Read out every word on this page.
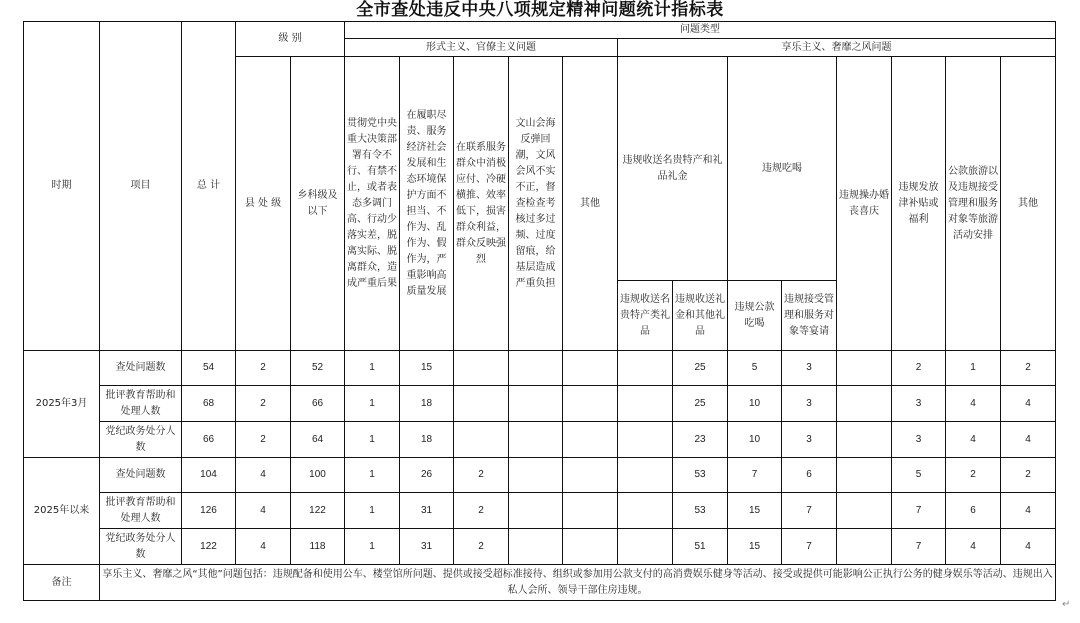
全市查处违反中央八项规定精神问题统计指标表
时期	项目	总 计	级 别		问题类型												
					形式主义、官僚主义问题					享乐主义、奢靡之风问题							
			县 处 级	乡科级及以下	贯彻党中央重大决策部署有令不行、有禁不止，或者表态多调门高、行动少落实差，脱离实际、脱离群众，造成严重后果	在履职尽责、服务经济社会发展和生态环境保护方面不担当、不作为、乱作为、假作为，严重影响高质量发展	在联系服务群众中消极应付、冷硬横推、效率低下，损害群众利益，群众反映强烈	文山会海反弹回潮，文风会风不实不正，督查检查考核过多过频、过度留痕，给基层造成严重负担	其他	违规收送名贵特产和礼品礼金		违规吃喝		违规操办婚丧喜庆	违规发放津补贴或福利	公款旅游以及违规接受管理和服务对象等旅游活动安排	其他

										违规收送名贵特产类礼品	违规收送礼金和其他礼品	违规公款吃喝	违规接受管理和服务对象等宴请				
2025年3月	查处问题数	54	2	52	1	15					25	5	3		2	1	2
	批评教育帮助和处理人数	68	2	66	1	18					25	10	3		3	4	4
	党纪政务处分人数	66	2	64	1	18					23	10	3		3	4	4
2025年以来	查处问题数	104	4	100	1	26	2				53	7	6		5	2	2
	批评教育帮助和处理人数	126	4	122	1	31	2				53	15	7		7	6	4
	党纪政务处分人数	122	4	118	1	31	2				51	15	7		7	4	4
备注	享乐主义、奢靡之风“其他”问题包括：违规配备和使用公车、楼堂馆所问题、提供或接受超标准接待、组织或参加用公款支付的高消费娱乐健身等活动、接受或提供可能影响公正执行公务的健身娱乐等活动、违规出入私人会所、领导干部住房违规。																
↵
